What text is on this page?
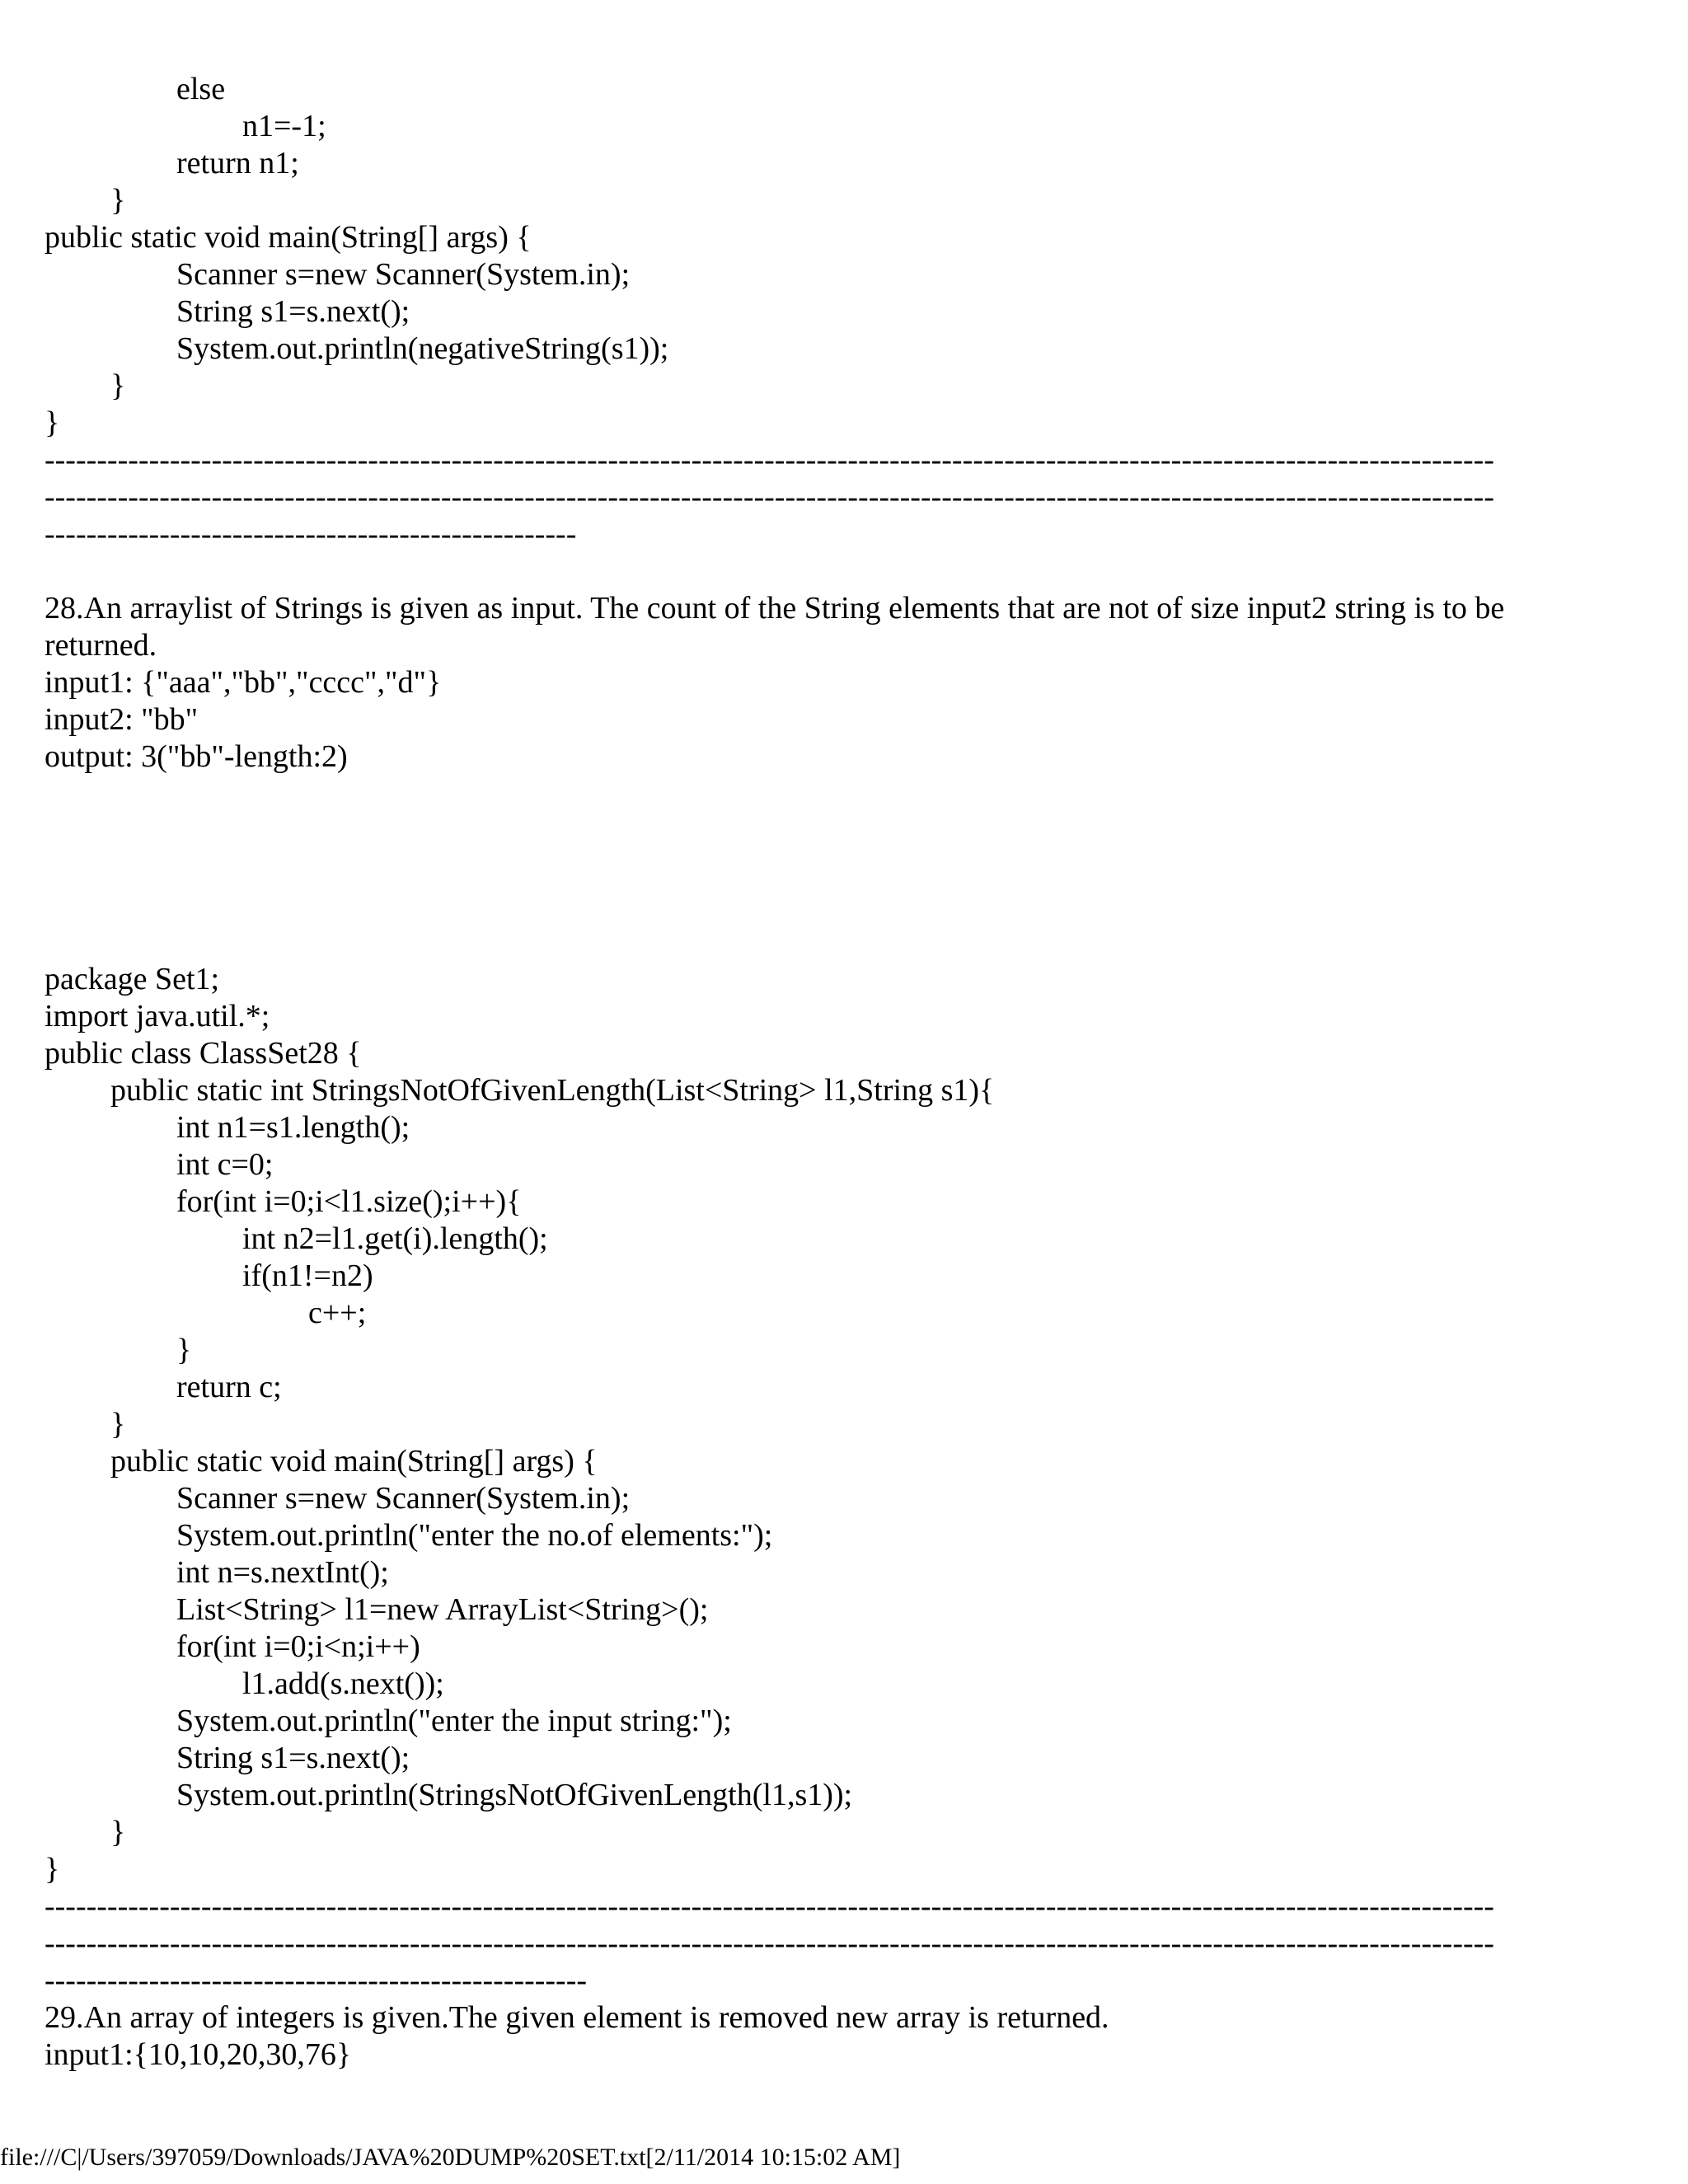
else
n1=-1;
return n1;
}
public static void main(String[] args) {
Scanner s=new Scanner(System.in);
String s1=s.next();
System.out.println(negativeString(s1));
}
}
-------------------------------------------------------------------------------------------------------------------------------------------
-------------------------------------------------------------------------------------------------------------------------------------------
---------------------------------------------------
28.An arraylist of Strings is given as input. The count of the String elements that are not of size input2 string is to be
returned.
input1: {"aaa","bb","cccc","d"}
input2: "bb"
output: 3("bb"-length:2)
package Set1;
import java.util.*;
public class ClassSet28 {
public static int StringsNotOfGivenLength(List<String> l1,String s1){
int n1=s1.length();
int c=0;
for(int i=0;i<l1.size();i++){
int n2=l1.get(i).length();
if(n1!=n2)
c++;
}
return c;
}
public static void main(String[] args) {
Scanner s=new Scanner(System.in);
System.out.println("enter the no.of elements:");
int n=s.nextInt();
List<String> l1=new ArrayList<String>();
for(int i=0;i<n;i++)
l1.add(s.next());
System.out.println("enter the input string:");
String s1=s.next();
System.out.println(StringsNotOfGivenLength(l1,s1));
}
}
-------------------------------------------------------------------------------------------------------------------------------------------
-------------------------------------------------------------------------------------------------------------------------------------------
----------------------------------------------------
29.An array of integers is given.The given element is removed new array is returned.
input1:{10,10,20,30,76}
file:///C|/Users/397059/Downloads/JAVA%20DUMP%20SET.txt[2/11/2014 10:15:02 AM]
